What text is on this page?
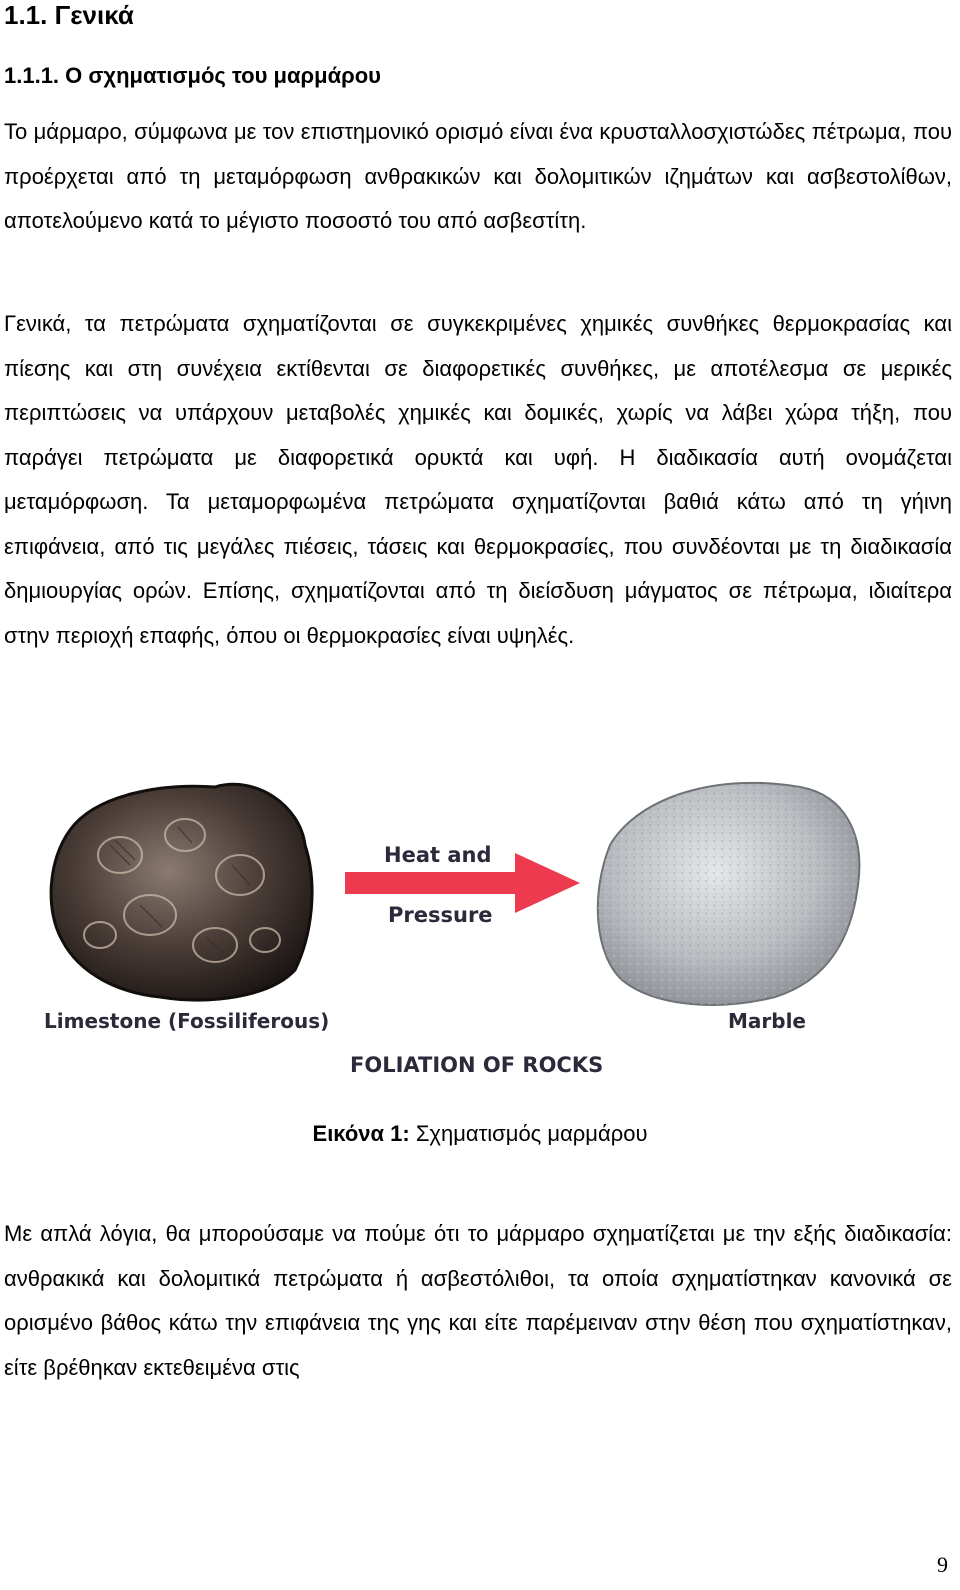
1.1. Γενικά
1.1.1. Ο σχηματισμός του μαρμάρου

Το μάρμαρο, σύμφωνα με τον επιστημονικό ορισμό είναι ένα κρυσταλλοσχιστώδες πέτρωμα, που προέρχεται από τη μεταμόρφωση ανθρακικών και δολομιτικών ιζημάτων και ασβεστολίθων, αποτελούμενο κατά το μέγιστο ποσοστό του από ασβεστίτη.

Γενικά, τα πετρώματα σχηματίζονται σε συγκεκριμένες χημικές συνθήκες θερμοκρασίας και πίεσης και στη συνέχεια εκτίθενται σε διαφορετικές συνθήκες, με αποτέλεσμα σε μερικές περιπτώσεις να υπάρχουν μεταβολές χημικές και δομικές, χωρίς να λάβει χώρα τήξη, που παράγει πετρώματα με διαφορετικά ορυκτά και υφή. Η διαδικασία αυτή ονομάζεται μεταμόρφωση. Τα μεταμορφωμένα πετρώματα σχηματίζονται βαθιά κάτω από τη γήινη επιφάνεια, από τις μεγάλες πιέσεις, τάσεις και θερμοκρασίες, που συνδέονται με τη διαδικασία δημιουργίας ορών. Επίσης, σχηματίζονται από τη διείσδυση μάγματος σε πέτρωμα, ιδιαίτερα στην περιοχή επαφής, όπου οι θερμοκρασίες είναι υψηλές.

Heat and
Pressure
Limestone (Fossiliferous)	Marble
FOLIATION OF ROCKS
Εικόνα 1: Σχηματισμός μαρμάρου

Με απλά λόγια, θα μπορούσαμε να πούμε ότι το μάρμαρο σχηματίζεται με την εξής διαδικασία: ανθρακικά και δολομιτικά πετρώματα ή ασβεστόλιθοι, τα οποία σχηματίστηκαν κανονικά σε ορισμένο βάθος κάτω την επιφάνεια της γης και είτε παρέμειναν στην θέση που σχηματίστηκαν, είτε βρέθηκαν εκτεθειμένα στις

9
